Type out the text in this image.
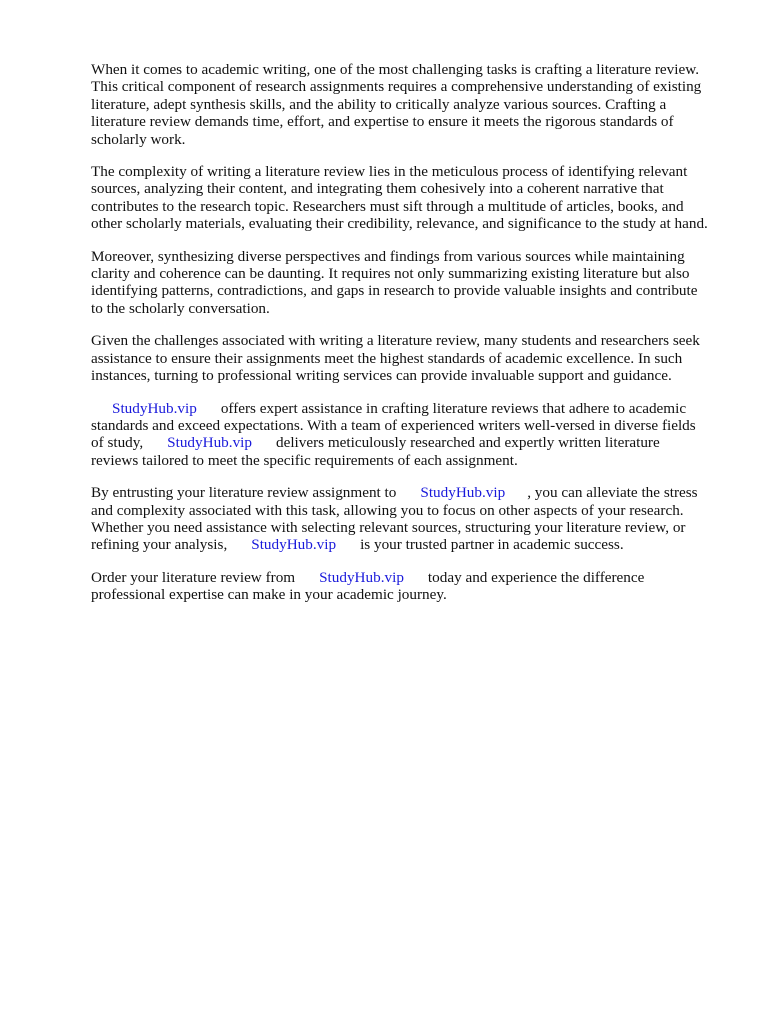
When it comes to academic writing, one of the most challenging tasks is crafting a literature review.
This critical component of research assignments requires a comprehensive understanding of existing
literature, adept synthesis skills, and the ability to critically analyze various sources. Crafting a
literature review demands time, effort, and expertise to ensure it meets the rigorous standards of
scholarly work.

The complexity of writing a literature review lies in the meticulous process of identifying relevant
sources, analyzing their content, and integrating them cohesively into a coherent narrative that
contributes to the research topic. Researchers must sift through a multitude of articles, books, and
other scholarly materials, evaluating their credibility, relevance, and significance to the study at hand.

Moreover, synthesizing diverse perspectives and findings from various sources while maintaining
clarity and coherence can be daunting. It requires not only summarizing existing literature but also
identifying patterns, contradictions, and gaps in research to provide valuable insights and contribute
to the scholarly conversation.

Given the challenges associated with writing a literature review, many students and researchers seek
assistance to ensure their assignments meet the highest standards of academic excellence. In such
instances, turning to professional writing services can provide invaluable support and guidance.

StudyHub.vip offers expert assistance in crafting literature reviews that adhere to academic
standards and exceed expectations. With a team of experienced writers well-versed in diverse fields
of study, StudyHub.vip delivers meticulously researched and expertly written literature
reviews tailored to meet the specific requirements of each assignment.

By entrusting your literature review assignment to StudyHub.vip , you can alleviate the stress
and complexity associated with this task, allowing you to focus on other aspects of your research.
Whether you need assistance with selecting relevant sources, structuring your literature review, or
refining your analysis, StudyHub.vip is your trusted partner in academic success.

Order your literature review from StudyHub.vip today and experience the difference
professional expertise can make in your academic journey.
